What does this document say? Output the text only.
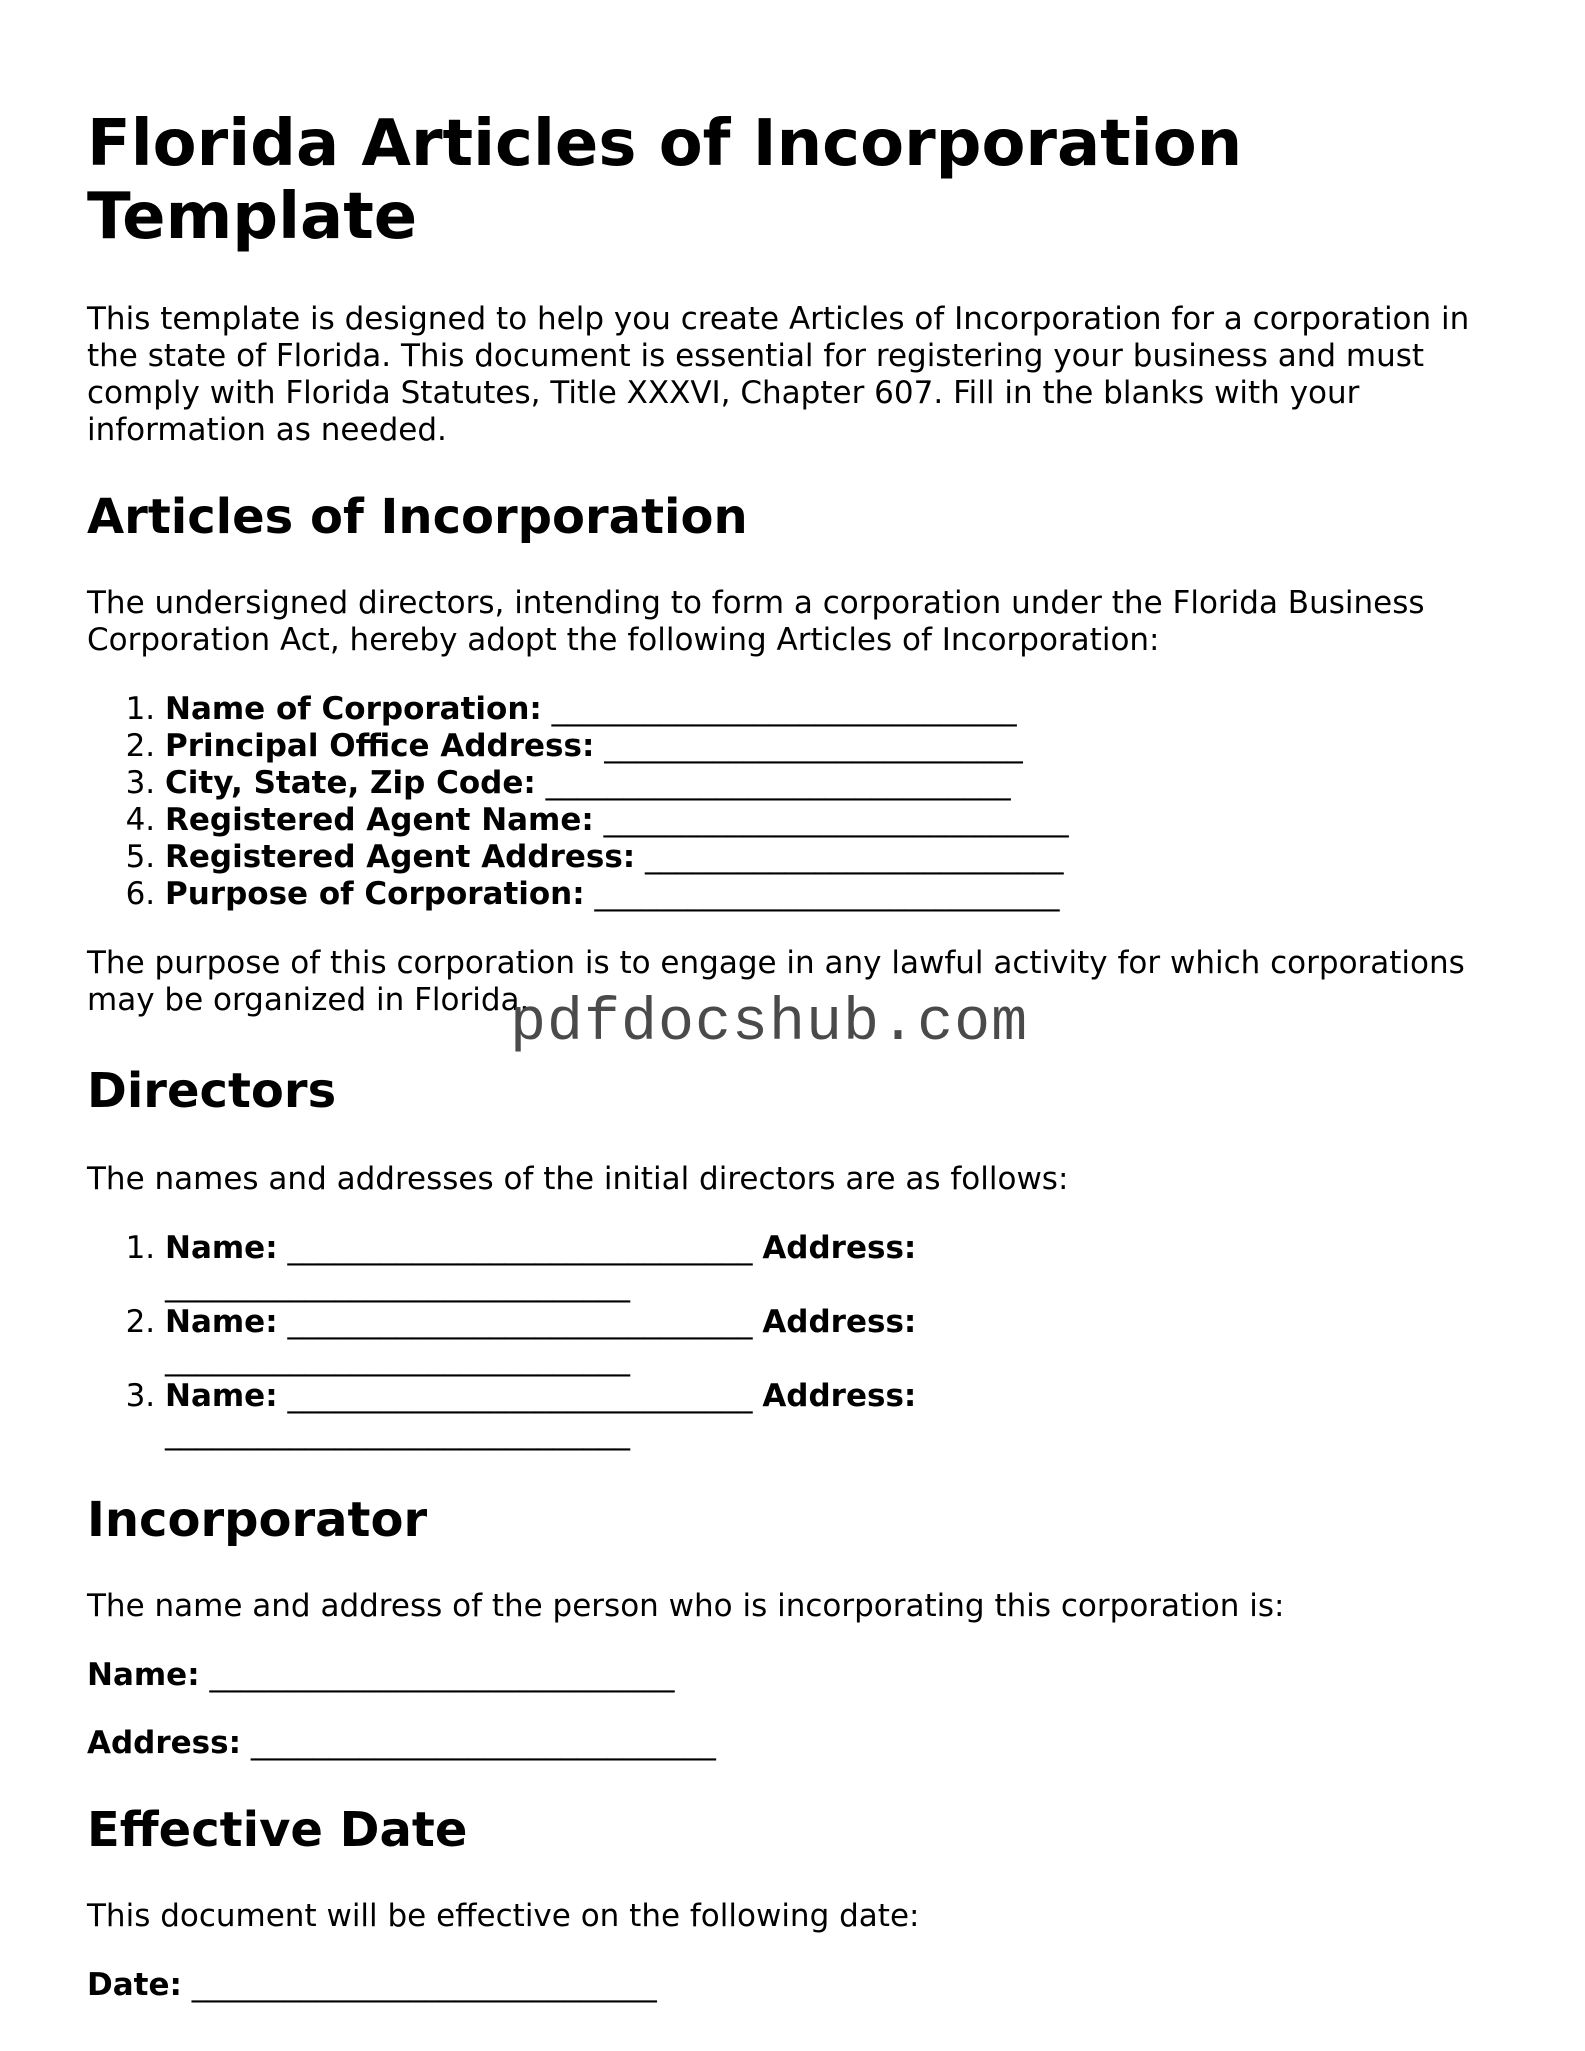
Florida Articles of Incorporation Template

This template is designed to help you create Articles of Incorporation for a corporation in the state of Florida. This document is essential for registering your business and must comply with Florida Statutes, Title XXXVI, Chapter 607. Fill in the blanks with your information as needed.

Articles of Incorporation

The undersigned directors, intending to form a corporation under the Florida Business Corporation Act, hereby adopt the following Articles of Incorporation:

1. Name of Corporation: ______________________________
2. Principal Office Address: ___________________________
3. City, State, Zip Code: ______________________________
4. Registered Agent Name: ______________________________
5. Registered Agent Address: ___________________________
6. Purpose of Corporation: ______________________________

The purpose of this corporation is to engage in any lawful activity for which corporations may be organized in Florida.

Directors

The names and addresses of the initial directors are as follows:

1. Name: ______________________________ Address: ______________________________
2. Name: ______________________________ Address: ______________________________
3. Name: ______________________________ Address: ______________________________
Incorporator

The name and address of the person who is incorporating this corporation is:

Name: ______________________________

Address: ______________________________

Effective Date

This document will be effective on the following date:

Date: ______________________________

pdfdocshub.com
